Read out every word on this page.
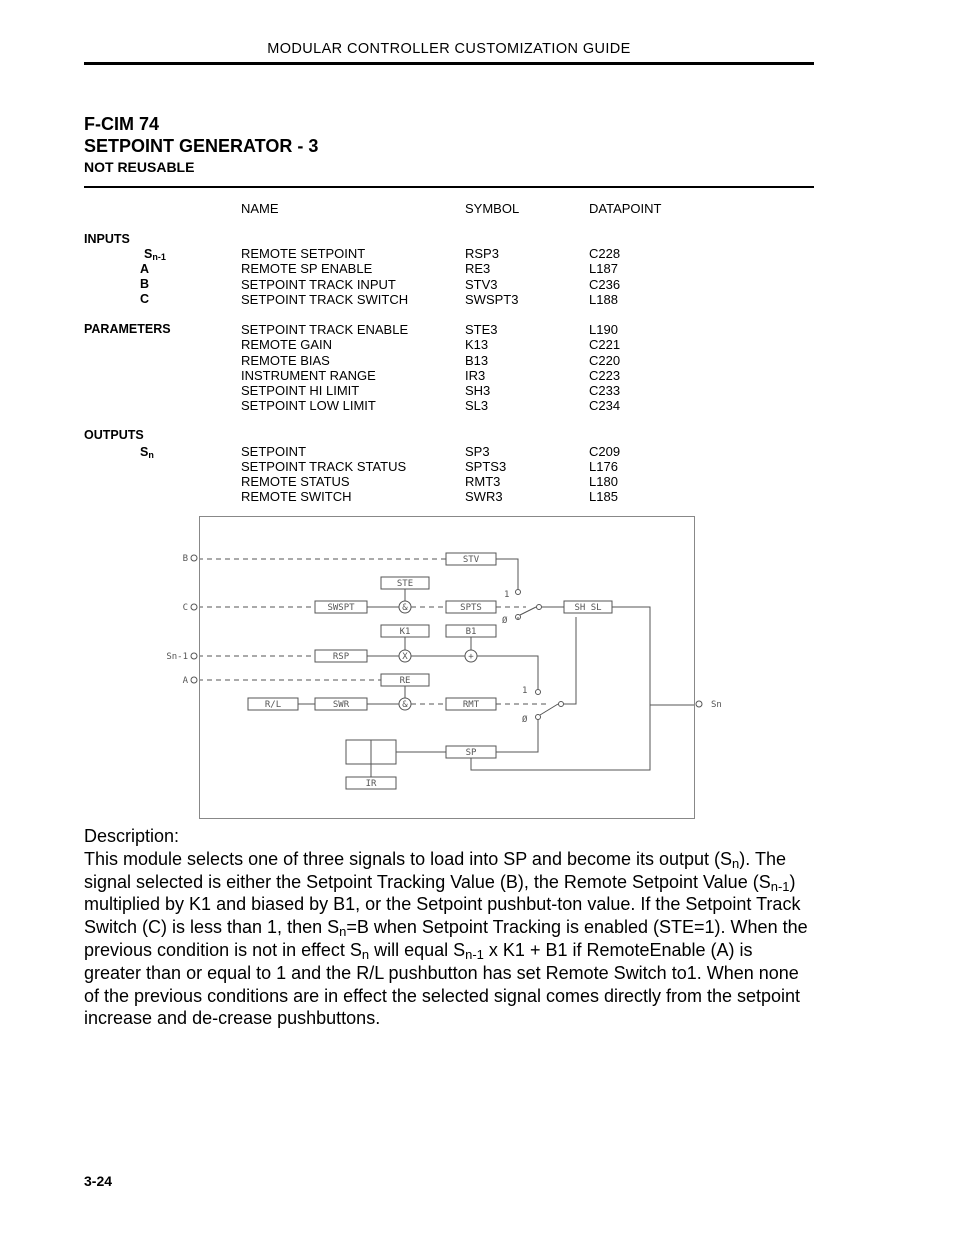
MODULAR CONTROLLER CUSTOMIZATION GUIDE
F-CIM 74
SETPOINT GENERATOR - 3
NOT REUSABLE
NAME	SYMBOL	DATAPOINT
INPUTS
$S_{n-1}$	REMOTE SETPOINT	RSP3	C228
A	REMOTE SP ENABLE	RE3	L187
B	SETPOINT TRACK INPUT	STV3	C236
C	SETPOINT TRACK SWITCH	SWSPT3	L188
PARAMETERS	SETPOINT TRACK ENABLE	STE3	L190
REMOTE GAIN	K13	C221
REMOTE BIAS	B13	C220
INSTRUMENT RANGE	IR3	C223
SETPOINT HI LIMIT	SH3	C233
SETPOINT LOW LIMIT	SL3	C234
OUTPUTS
$S_n$	SETPOINT	SP3	C209
SETPOINT TRACK STATUS	SPTS3	L176
REMOTE STATUS	RMT3	L180
REMOTE SWITCH	SWR3	L185
STV
STE
SWSPT	&	SPTS
1
Ø
SH SL
K1	B1
RSP	X	+
RE
R/L	SWR	&	RMT
1
Ø
SP
IR
B
C
Sn-1
A
Sn
Description:
This module selects one of three signals to load into SP and become its output $(S_n)$. The signal selected is either the Setpoint Tracking Value (B), the Remote Setpoint Value $(S_{n-1})$ multiplied by K1 and biased by B1, or the Setpoint pushbut-ton value. If the Setpoint Track Switch (C) is less than 1, then $S_n=B$ when Setpoint Tracking is enabled (STE=1). When the previous condition is not in effect $S_n$ will equal $S_{n-1}$ x K1 + B1 if RemoteEnable (A) is greater than or equal to 1 and the R/L pushbutton has set Remote Switch to1. When none of the previous conditions are in effect the selected signal comes directly from the setpoint increase and de-crease pushbuttons.
3-24
